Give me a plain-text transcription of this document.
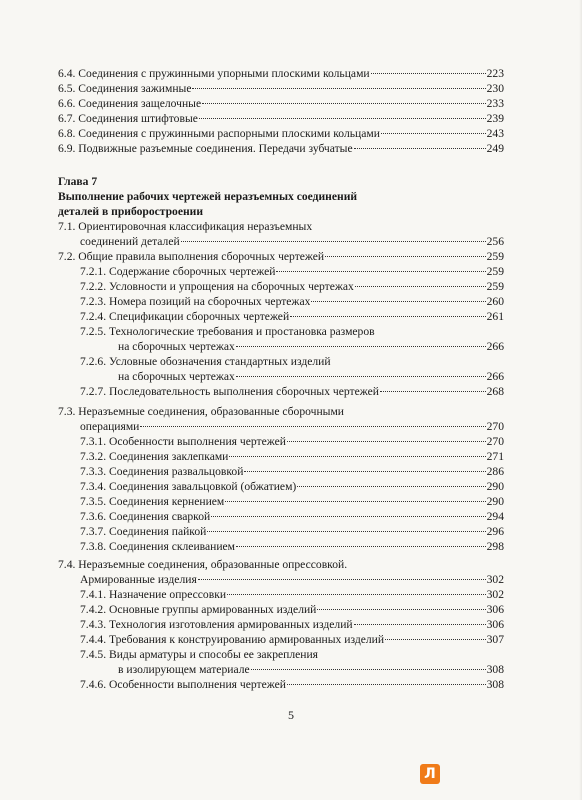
6.4. Соединения с пружинными упорными плоскими кольцами	223
6.5. Соединения зажимные	230
6.6. Соединения защелочные	233
6.7. Соединения штифтовые	239
6.8. Соединения с пружинными распорными плоскими кольцами	243
6.9. Подвижные разъемные соединения. Передачи зубчатые	249
Глава 7
Выполнение рабочих чертежей неразъемных соединений
деталей в приборостроении
7.1. Ориентировочная классификация неразъемных
соединений деталей	256
7.2. Общие правила выполнения сборочных чертежей	259
7.2.1. Содержание сборочных чертежей	259
7.2.2. Условности и упрощения на сборочных чертежах	259
7.2.3. Номера позиций на сборочных чертежах	260
7.2.4. Спецификации сборочных чертежей	261
7.2.5. Технологические требования и простановка размеров
на сборочных чертежах	266
7.2.6. Условные обозначения стандартных изделий
на сборочных чертежах	266
7.2.7. Последовательность выполнения сборочных чертежей	268
7.3. Неразъемные соединения, образованные сборочными
операциями	270
7.3.1. Особенности выполнения чертежей	270
7.3.2. Соединения заклепками	271
7.3.3. Соединения развальцовкой	286
7.3.4. Соединения завальцовкой (обжатием)	290
7.3.5. Соединения кернением	290
7.3.6. Соединения сваркой	294
7.3.7. Соединения пайкой	296
7.3.8. Соединения склеиванием	298
7.4. Неразъемные соединения, образованные опрессовкой.
Армированные изделия	302
7.4.1. Назначение опрессовки	302
7.4.2. Основные группы армированных изделий	306
7.4.3. Технология изготовления армированных изделий	306
7.4.4. Требования к конструированию армированных изделий	307
7.4.5. Виды арматуры и способы ее закрепления
в изолирующем материале	308
7.4.6. Особенности выполнения чертежей	308
5
Л
